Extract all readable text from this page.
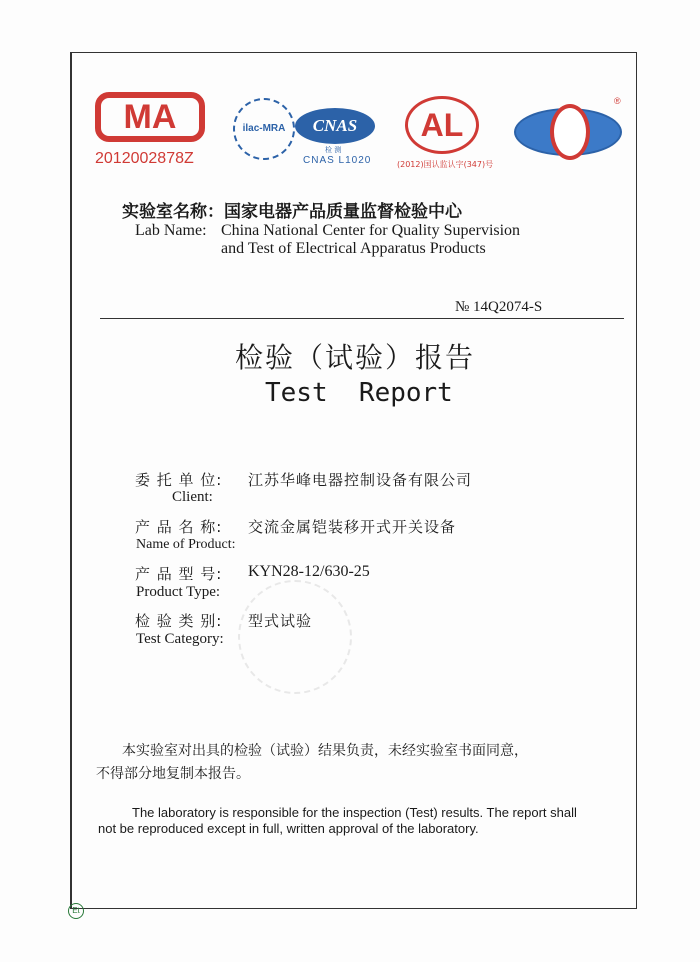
MA
2012002878Z
ilac-MRA	CNAS
检 测
CNAS L1020
AL
(2012)国认监认字(347)号
®
实验室名称：国家电器产品质量监督检验中心
Lab Name: China National Center for Quality Supervision
and Test of Electrical Apparatus Products
№ 14Q2074-S
检验（试验）报告
Test  Report
委 托 单 位: 江苏华峰电器控制设备有限公司
Client:
产 品 名 称: 交流金属铠装移开式开关设备
Name of Product:
产 品 型 号: KYN28-12/630-25
Product Type:
检 验 类 别: 型式试验
Test Category:
本实验室对出具的检验（试验）结果负责，未经实验室书面同意，
不得部分地复制本报告。
The laboratory is responsible for the inspection (Test) results. The report shall
not be reproduced except in full, written approval of the laboratory.
Et
